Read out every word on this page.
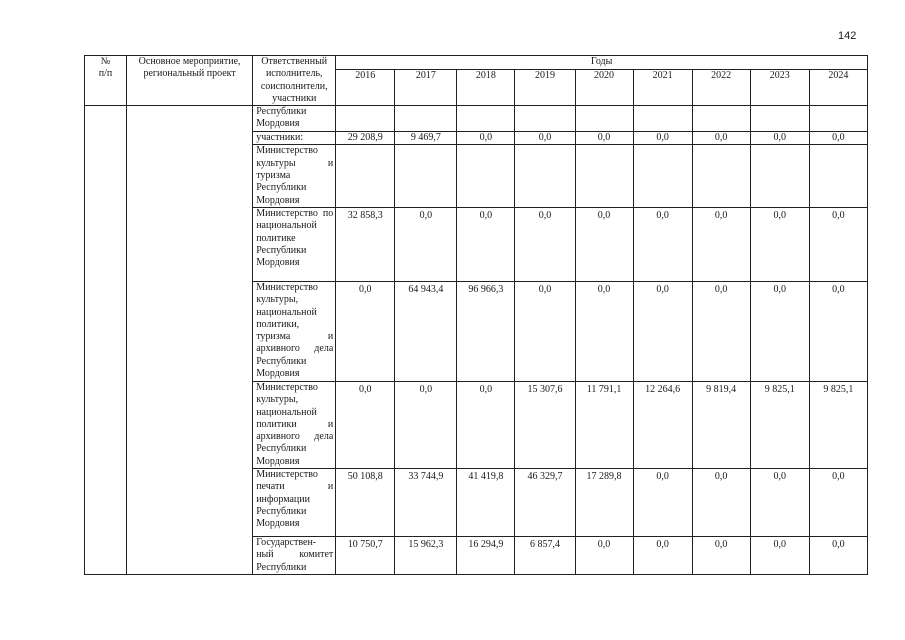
142
№
п/п	Основное мероприятие, региональный проект	Ответственный исполнитель, соисполнители, участники	Годы								
			2016	2017	2018	2019	2020	2021	2022	2023	2024
		Республики Мордовия									
		участники:	29 208,9	9 469,7	0,0	0,0	0,0	0,0	0,0	0,0	0,0
		Министерство культуры и туризма Республики Мордовия									
		Министерство по национальной политике Республики Мордовия	32 858,3	0,0	0,0	0,0	0,0	0,0	0,0	0,0	0,0
		Министерство культуры, национальной политики, туризма и архивного дела Республики Мордовия	0,0	64 943,4	96 966,3	0,0	0,0	0,0	0,0	0,0	0,0
		Министерство культуры, национальной политики и архивного дела Республики Мордовия	0,0	0,0	0,0	15 307,6	11 791,1	12 264,6	9 819,4	9 825,1	9 825,1
		Министерство печати и информации Республики Мордовия	50 108,8	33 744,9	41 419,8	46 329,7	17 289,8	0,0	0,0	0,0	0,0
		Государствен-ный комитет Республики	10 750,7	15 962,3	16 294,9	6 857,4	0,0	0,0	0,0	0,0	0,0
